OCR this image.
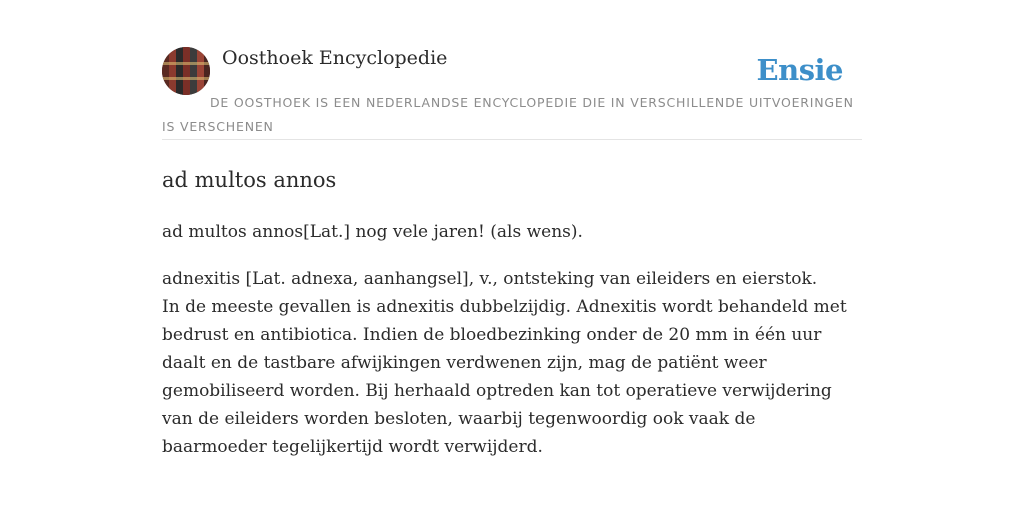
Oosthoek Encyclopedie	Ensie
DE OOSTHOEK IS EEN NEDERLANDSE ENCYCLOPEDIE DIE IN VERSCHILLENDE UITVOERINGEN IS VERSCHENEN
ad multos annos

ad multos annos[Lat.] nog vele jaren! (als wens).

adnexitis [Lat. adnexa, aanhangsel], v., ontsteking van eileiders en eierstok.
In de meeste gevallen is adnexitis dubbelzijdig. Adnexitis wordt behandeld met bedrust en antibiotica. Indien de bloedbezinking onder de 20 mm in één uur daalt en de tastbare afwijkingen verdwenen zijn, mag de patiënt weer gemobiliseerd worden. Bij herhaald optreden kan tot operatieve verwijdering van de eileiders worden besloten, waarbij tegenwoordig ook vaak de baarmoeder tegelijkertijd wordt verwijderd.
